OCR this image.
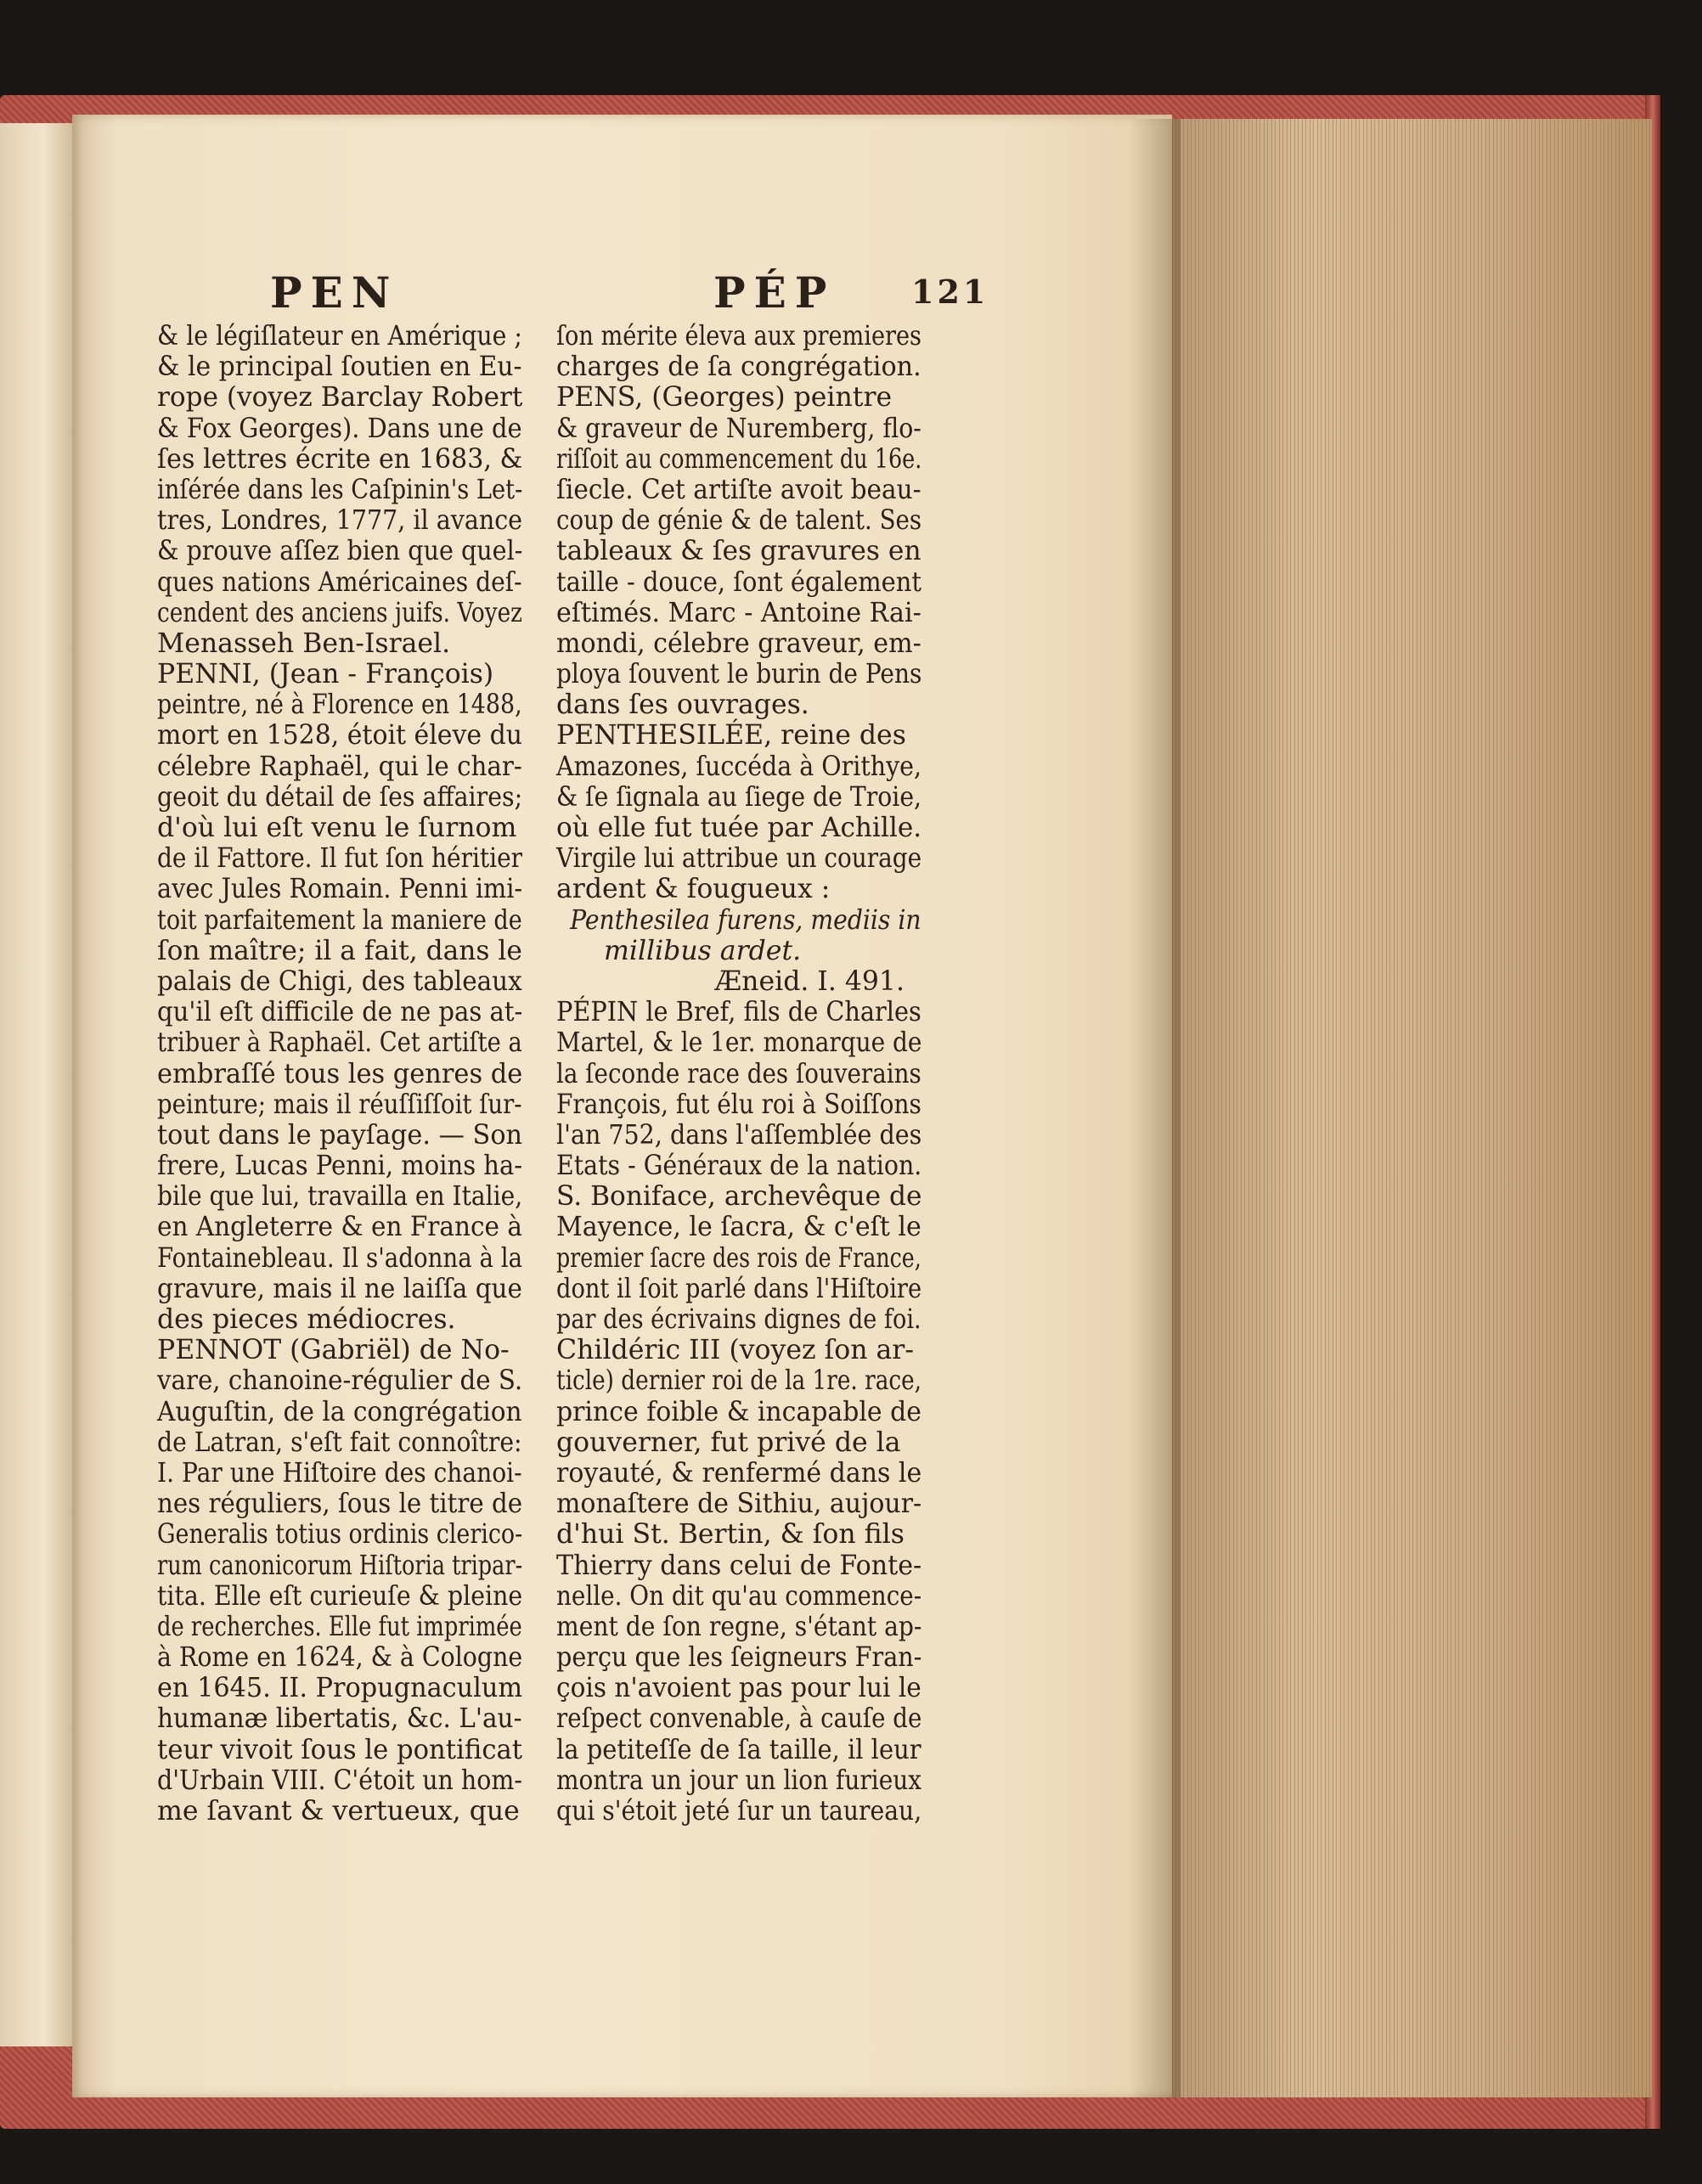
PEN	PÉP 121
& le légiſlateur en Amérique ;
& le principal ſoutien en Eu-
rope (voyez Barclay Robert
& Fox Georges). Dans une de
ſes lettres écrite en 1683, &
inſérée dans les Caſpinin's Let-
tres, Londres, 1777, il avance
& prouve aſſez bien que quel-
ques nations Américaines deſ-
cendent des anciens juifs. Voyez
Menasseh Ben-Israel.
PENNI, (Jean - François)
peintre, né à Florence en 1488,
mort en 1528, étoit éleve du
célebre Raphaël, qui le char-
geoit du détail de ſes affaires;
d'où lui eſt venu le ſurnom
de il Fattore. Il fut ſon héritier
avec Jules Romain. Penni imi-
toit parfaitement la maniere de
ſon maître; il a fait, dans le
palais de Chigi, des tableaux
qu'il eſt difficile de ne pas at-
tribuer à Raphaël. Cet artiſte a
embraſſé tous les genres de
peinture; mais il réuſſiſſoit ſur-
tout dans le payſage. — Son
frere, Lucas Penni, moins ha-
bile que lui, travailla en Italie,
en Angleterre & en France à
Fontainebleau. Il s'adonna à la
gravure, mais il ne laiſſa que
des pieces médiocres.
PENNOT (Gabriël) de No-
vare, chanoine-régulier de S.
Auguſtin, de la congrégation
de Latran, s'eſt fait connoître:
I. Par une Hiſtoire des chanoi-
nes réguliers, ſous le titre de
Generalis totius ordinis clerico-
rum canonicorum Hiſtoria tripar-
tita. Elle eſt curieuſe & pleine
de recherches. Elle fut imprimée
à Rome en 1624, & à Cologne
en 1645. II. Propugnaculum
humanæ libertatis, &c. L'au-
teur vivoit ſous le pontificat
d'Urbain VIII. C'étoit un hom-
me ſavant & vertueux, que
ſon mérite éleva aux premieres
charges de ſa congrégation.
PENS, (Georges) peintre
& graveur de Nuremberg, flo-
riſſoit au commencement du 16e.
ſiecle. Cet artiſte avoit beau-
coup de génie & de talent. Ses
tableaux & ſes gravures en
taille - douce, ſont également
eſtimés. Marc - Antoine Rai-
mondi, célebre graveur, em-
ploya ſouvent le burin de Pens
dans ſes ouvrages.
PENTHESILÉE, reine des
Amazones, ſuccéda à Orithye,
& ſe ſignala au ſiege de Troie,
où elle fut tuée par Achille.
Virgile lui attribue un courage
ardent & fougueux :
Penthesilea furens, mediis in
millibus ardet.
Æneid. I. 491.
PÉPIN le Bref, fils de Charles
Martel, & le 1er. monarque de
la ſeconde race des ſouverains
François, fut élu roi à Soiſſons
l'an 752, dans l'aſſemblée des
Etats - Généraux de la nation.
S. Boniface, archevêque de
Mayence, le ſacra, & c'eſt le
premier ſacre des rois de France,
dont il ſoit parlé dans l'Hiſtoire
par des écrivains dignes de foi.
Childéric III (voyez ſon ar-
ticle) dernier roi de la 1re. race,
prince foible & incapable de
gouverner, fut privé de la
royauté, & renfermé dans le
monaſtere de Sithiu, aujour-
d'hui St. Bertin, & ſon fils
Thierry dans celui de Fonte-
nelle. On dit qu'au commence-
ment de ſon regne, s'étant ap-
perçu que les ſeigneurs Fran-
çois n'avoient pas pour lui le
reſpect convenable, à cauſe de
la petiteſſe de ſa taille, il leur
montra un jour un lion furieux
qui s'étoit jeté ſur un taureau,
